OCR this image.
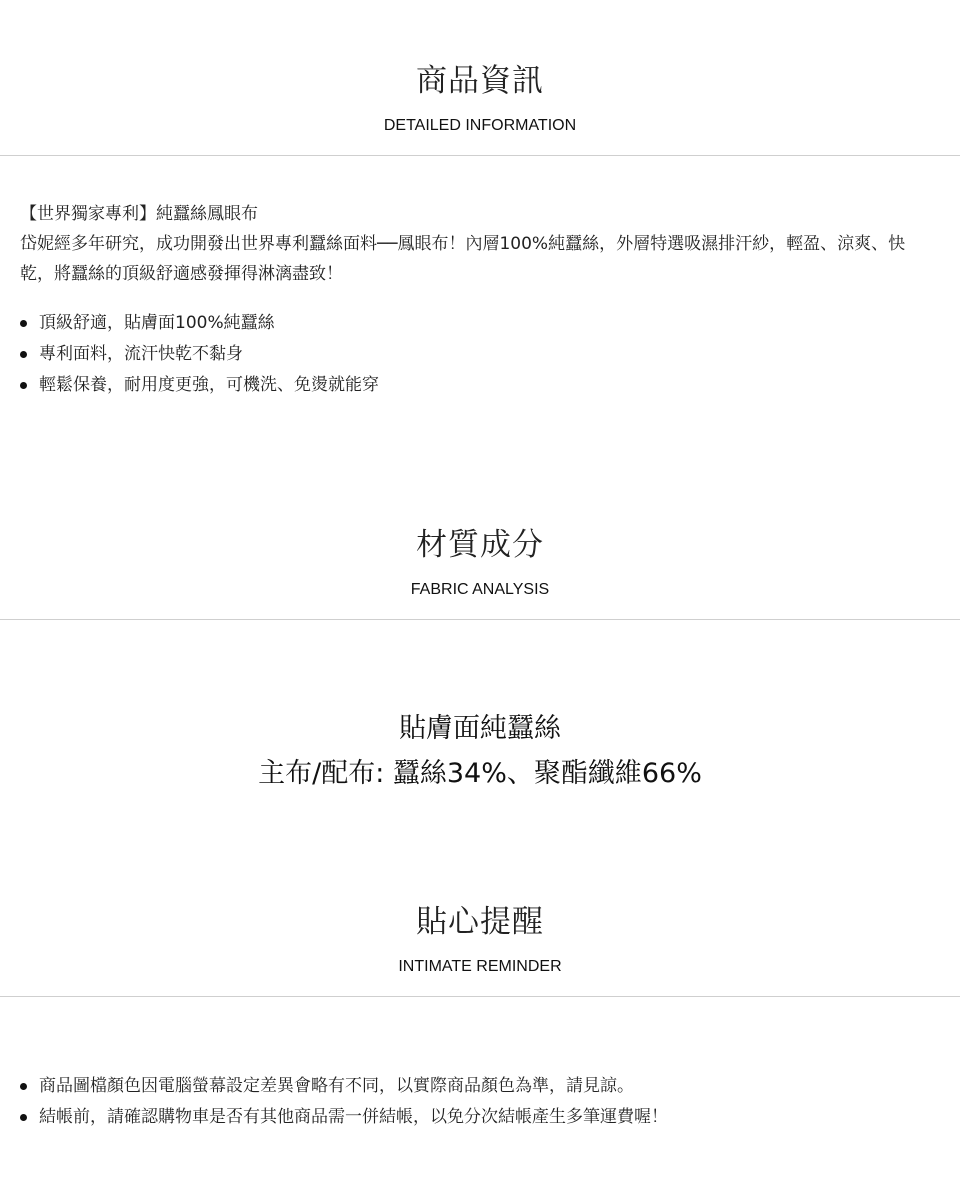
商品資訊
DETAILED INFORMATION

【世界獨家專利】純蠶絲鳳眼布

岱妮經多年研究，成功開發出世界專利蠶絲面料──鳳眼布！內層100%純蠶絲，外層特選吸濕排汗紗，輕盈、涼爽、快乾，將蠶絲的頂級舒適感發揮得淋漓盡致！

頂級舒適，貼膚面100%純蠶絲
專利面料，流汗快乾不黏身
輕鬆保養，耐用度更強，可機洗、免燙就能穿
材質成分
FABRIC ANALYSIS
貼膚面純蠶絲
主布/配布: 蠶絲34%、聚酯纖維66%
貼心提醒
INTIMATE REMINDER
商品圖檔顏色因電腦螢幕設定差異會略有不同，以實際商品顏色為準，請見諒。
結帳前，請確認購物車是否有其他商品需一併結帳，以免分次結帳產生多筆運費喔！
